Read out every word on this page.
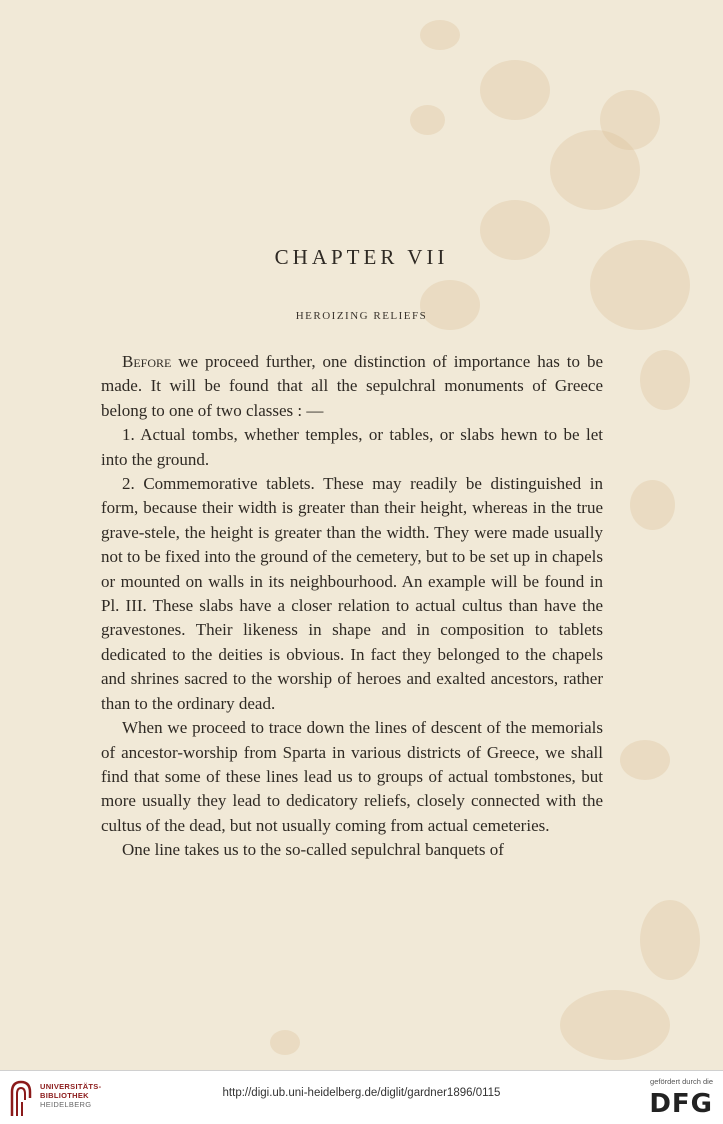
CHAPTER VII
HEROIZING RELIEFS

Before we proceed further, one distinction of importance has to be made. It will be found that all the sepulchral monuments of Greece belong to one of two classes : —

1. Actual tombs, whether temples, or tables, or slabs hewn to be let into the ground.

2. Commemorative tablets. These may readily be distinguished in form, because their width is greater than their height, whereas in the true grave-stele, the height is greater than the width. They were made usually not to be fixed into the ground of the cemetery, but to be set up in chapels or mounted on walls in its neighbourhood. An example will be found in Pl. III. These slabs have a closer relation to actual cultus than have the gravestones. Their likeness in shape and in composition to tablets dedicated to the deities is obvious. In fact they belonged to the chapels and shrines sacred to the worship of heroes and exalted ancestors, rather than to the ordinary dead.

When we proceed to trace down the lines of descent of the memorials of ancestor-worship from Sparta in various districts of Greece, we shall find that some of these lines lead us to groups of actual tombstones, but more usually they lead to dedicatory reliefs, closely connected with the cultus of the dead, but not usually coming from actual cemeteries.

One line takes us to the so-called sepulchral banquets of

UNIVERSITÄTS-
BIBLIOTHEK
HEIDELBERG
http://digi.ub.uni-heidelberg.de/diglit/gardner1896/0115
gefördert durch die
DFG
